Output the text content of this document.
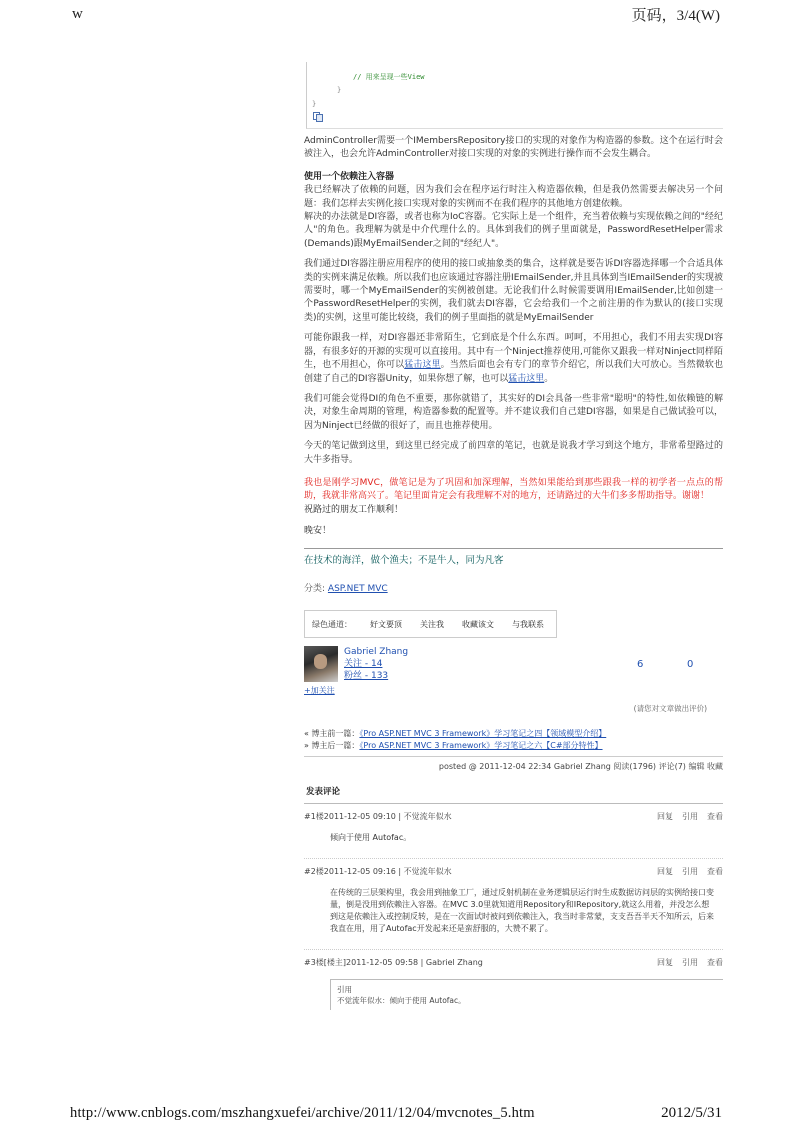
w	页码，3/4(W)
// 用来呈现一些View
}
}

AdminController需要一个IMembersRepository接口的实现的对象作为构造器的参数。这个在运行时会被注入，也会允许AdminController对接口实现的对象的实例进行操作而不会发生耦合。

使用一个依赖注入容器

我已经解决了依赖的问题，因为我们会在程序运行时注入构造器依赖，但是我仍然需要去解决另一个问题：我们怎样去实例化接口实现对象的实例而不在我们程序的其他地方创建依赖。

解决的办法就是DI容器，或者也称为IoC容器。它实际上是一个组件，充当着依赖与实现依赖之间的"经纪人"的角色。我理解为就是中介代理什么的。具体到我们的例子里面就是，PasswordResetHelper需求(Demands)跟MyEmailSender之间的"经纪人"。

我们通过DI容器注册应用程序的使用的接口或抽象类的集合，这样就是要告诉DI容器选择哪一个合适具体类的实例来满足依赖。所以我们也应该通过容器注册IEmailSender,并且具体到当IEmailSender的实现被需要时，哪一个MyEmailSender的实例被创建。无论我们什么时候需要调用IEmailSender,比如创建一个PasswordResetHelper的实例，我们就去DI容器，它会给我们一个之前注册的作为默认的(接口实现类)的实例，这里可能比较绕，我们的例子里面指的就是MyEmailSender

可能你跟我一样，对DI容器还非常陌生，它到底是个什么东西。呵呵，不用担心，我们不用去实现DI容器，有很多好的开源的实现可以直接用。其中有一个Ninject推荐使用,可能你又跟我一样对Ninject同样陌生，也不用担心，你可以猛击这里。当然后面也会有专门的章节介绍它，所以我们大可放心。当然微软也创建了自己的DI容器Unity，如果你想了解，也可以猛击这里。

我们可能会觉得DI的角色不重要，那你就错了，其实好的DI会具备一些非常"聪明"的特性,如依赖链的解决，对象生命周期的管理，构造器参数的配置等。并不建议我们自己建DI容器，如果是自己做试验可以，因为Ninject已经做的很好了，而且也推荐使用。

今天的笔记做到这里，到这里已经完成了前四章的笔记，也就是说我才学习到这个地方，非常希望路过的大牛多指导。

我也是刚学习MVC，做笔记是为了巩固和加深理解，当然如果能给到那些跟我一样的初学者一点点的帮助，我就非常高兴了。笔记里面肯定会有我理解不对的地方，还请路过的大牛们多多帮助指导。谢谢！

祝路过的朋友工作顺利！

晚安！

在技术的海洋，做个渔夫；不是牛人，同为凡客
分类: ASP.NET MVC
绿色通道： 好文要顶 关注我 收藏该文 与我联系
Gabriel Zhang
关注 - 14
粉丝 - 133
+加关注
6	0
(请您对文章做出评价)
« 博主前一篇：《Pro ASP.NET MVC 3 Framework》学习笔记之四【领域模型介绍】
» 博主后一篇：《Pro ASP.NET MVC 3 Framework》学习笔记之六【C#部分特性】
posted @ 2011-12-04 22:34 Gabriel Zhang 阅读(1796) 评论(7) 编辑 收藏
发表评论
#1楼2011-12-05 09:10 | 不觉流年似水	回复 引用 查看
倾向于使用 Autofac。
#2楼2011-12-05 09:16 | 不觉流年似水	回复 引用 查看
在传统的三层架构里，我会用到抽象工厂，通过反射机制在业务逻辑层运行时生成数据访问层的实例给接口变量，倒是没用到依赖注入容器。在MVC 3.0里就知道用Repository和IRepository,就这么用着，并没怎么想到这是依赖注入或控制反转，是在一次面试时被问到依赖注入，我当时非常蒙，支支吾吾半天不知所云，后来我直在用，用了Autofac开发起来还是蛮舒服的，大赞不累了。
#3楼[楼主]2011-12-05 09:58 | Gabriel Zhang	回复 引用 查看
引用
不觉流年似水：倾向于使用 Autofac。
http://www.cnblogs.com/mszhangxuefei/archive/2011/12/04/mvcnotes_5.htm	2012/5/31
